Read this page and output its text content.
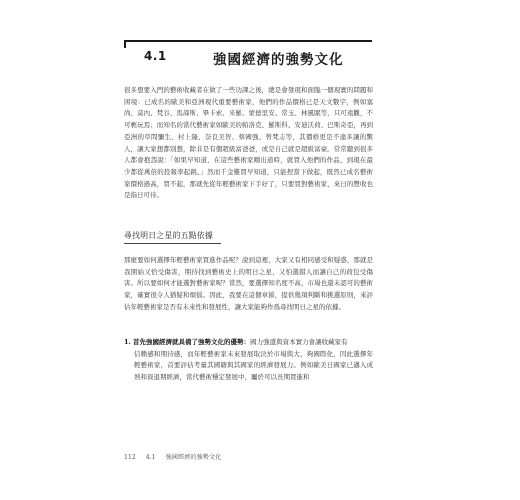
4.1	強國經濟的強勢文化
很多想要入門的藝術收藏者在做了一些功課之後，總是會發現和面臨一個現實的問題和困境：已成名的歐美和亞洲現代重要藝術家，他們的作品價格已是天文數字，例如塞尚、莫內、梵谷、馬諦斯、畢卡索、米羅、蒙德里安、常玉、林風眠等，只可遠觀，不可褻玩焉；而知名的當代藝術家如歐美的帕洛克、羅斯科、安迪沃荷、巴斯奇亞，再到亞洲的草間彌生、村上隆、奈良美智、蔡國強、曾梵志等，其價格更是不遑多讓的驚人，讓大家想都別想，除非是有個超級富爸爸，或是自己就是超級富豪。常常聽到很多人都會抱怨說：「如果早知道，在這些藝術家剛出道時，就買入他們的作品，到現在最少都從萬倍的投報率起跳。」然而千金難買早知道，只能捏當下做起，既然已成名藝術家價格過高，買不起，那就先從年輕藝術家下手好了，只要買對藝術家，來日的豐收也是指日可待。
尋找明日之星的五點依據
那麼要如何選擇年輕藝術家買進作品呢？說到這裡，大家又有相同感受和疑惑，那就是我開始又恰受傷害，期待找到藝術史上的明日之星，又怕選錯人而讓自己的荷包受傷害。所以要如何才能選對藝術家呢？當然，要選擇知名度不高，市場也還未認可的藝術家，確實很令人猶疑和煩惱。因此，我要在這個章節，提供幾項判斷和挑選原則，來評估年輕藝術家是否有未來性和發展性，讓大家能夠作爲尋找明日之星的依據。
1. 首先強國經濟就具備了強勢文化的優勢：國力強盛與資本實力會讓收藏家有
信賴感和期待感，而年輕藝術家未來發展取決於市場與大、夠國際化，因此選擇年輕藝術家，首要評估考量其國籍與其國家的經濟發展力。例如歐美日國家已邁入成熟和資退期經濟，當代藝術穩定發展中，屬於可以長期買進和
112 4.1 強國經濟的強勢文化
